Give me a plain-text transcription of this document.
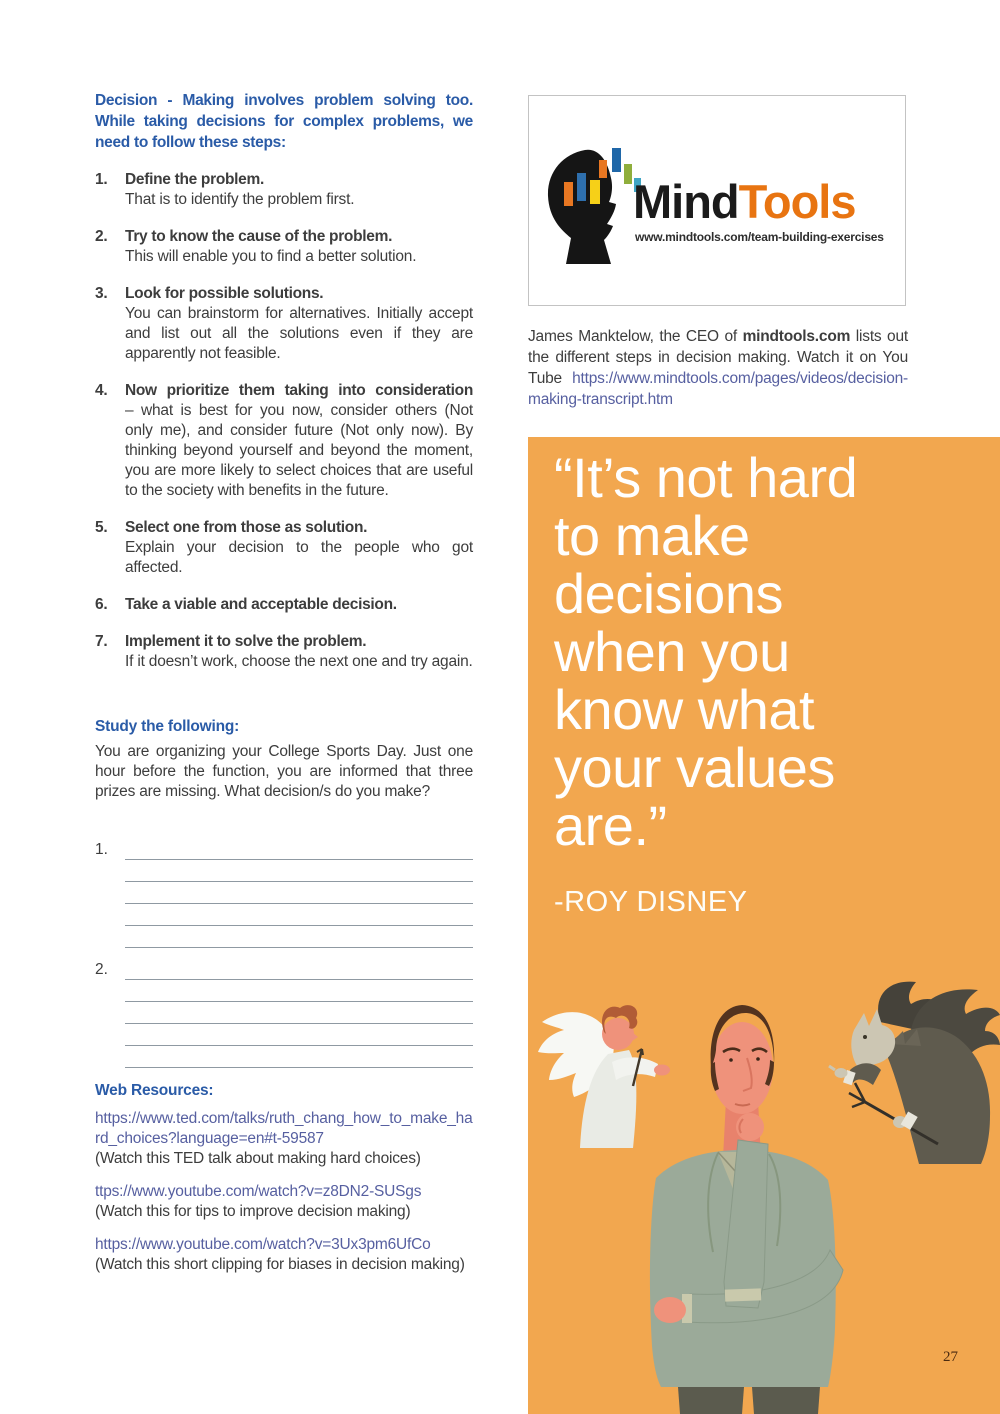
Decision - Making involves problem solving too. While taking decisions for complex problems, we need to follow these steps:
1.	Define the problem.
That is to identify the problem first.
2.	Try to know the cause of the problem.
This will enable you to find a better solution.
3.	Look for possible solutions.
You can brainstorm for alternatives. Initially accept and list out all the solutions even if they are apparently not feasible.
4.	Now prioritize them taking into consideration
– what is best for you now, consider others (Not only me), and consider future (Not only now). By thinking beyond yourself and beyond the moment, you are more likely to select choices that are useful to the society with benefits in the future.
5.	Select one from those as solution.
Explain your decision to the people who got affected.
6.	Take a viable and acceptable decision.
7.	Implement it to solve the problem.
If it doesn’t work, choose the next one and try again.
Study the following:
You are organizing your College Sports Day. Just one hour before the function, you are informed that three prizes are missing. What decision/s do you make?
1.
2.
Web Resources:
https://www.ted.com/talks/ruth_chang_how_to_make_hard_choices?language=en#t-59587
(Watch this TED talk about making hard choices)
ttps://www.youtube.com/watch?v=z8DN2-SUSgs
(Watch this for tips to improve decision making)
https://www.youtube.com/watch?v=3Ux3pm6UfCo
(Watch this short clipping for biases in decision making)
MindTools
www.mindtools.com/team-building-exercises
James Manktelow, the CEO of mindtools.com lists out the different steps in decision making. Watch it on You Tube https://www.mindtools.com/pages/videos/decision-making-transcript.htm
“It’s not hard
to make
decisions
when you
know what
your values
are.”
-ROY DISNEY
27
